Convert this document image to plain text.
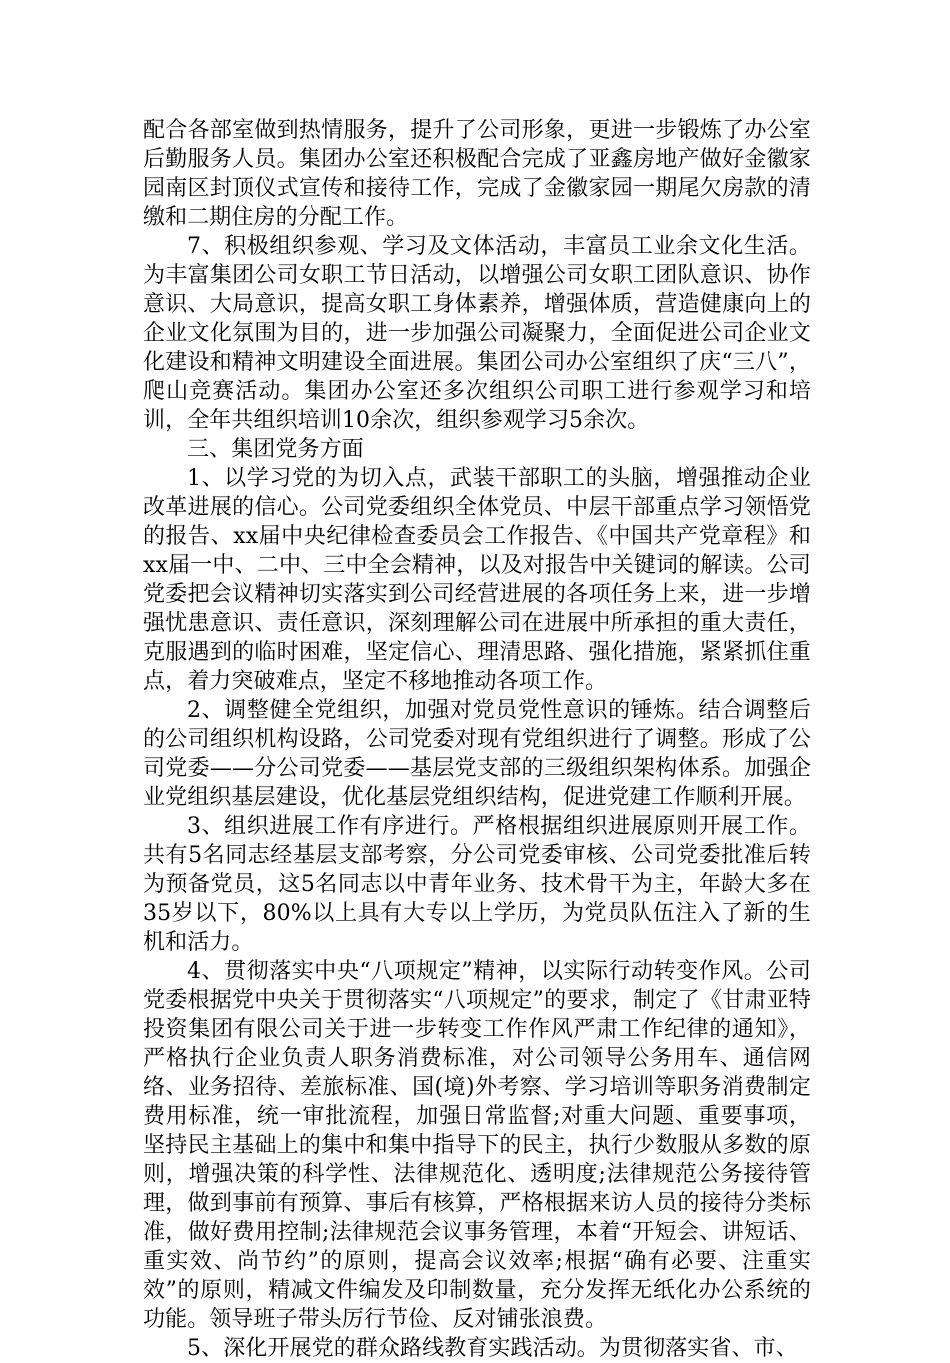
配合各部室做到热情服务，提升了公司形象，更进一步锻炼了办公室后勤服务人员。集团办公室还积极配合完成了亚鑫房地产做好金徽家园南区封顶仪式宣传和接待工作，完成了金徽家园一期尾欠房款的清缴和二期住房的分配工作。

7、积极组织参观、学习及文体活动，丰富员工业余文化生活。为丰富集团公司女职工节日活动，以增强公司女职工团队意识、协作意识、大局意识，提高女职工身体素养，增强体质，营造健康向上的企业文化氛围为目的，进一步加强公司凝聚力，全面促进公司企业文化建设和精神文明建设全面进展。集团公司办公室组织了庆“三八”，爬山竞赛活动。集团办公室还多次组织公司职工进行参观学习和培训，全年共组织培训10余次，组织参观学习5余次。

三、集团党务方面

1、以学习党的为切入点，武装干部职工的头脑，增强推动企业改革进展的信心。公司党委组织全体党员、中层干部重点学习领悟党的报告、xx届中央纪律检查委员会工作报告、《中国共产党章程》和xx届一中、二中、三中全会精神，以及对报告中关键词的解读。公司党委把会议精神切实落实到公司经营进展的各项任务上来，进一步增强忧患意识、责任意识，深刻理解公司在进展中所承担的重大责任，克服遇到的临时困难，坚定信心、理清思路、强化措施，紧紧抓住重点，着力突破难点，坚定不移地推动各项工作。

2、调整健全党组织，加强对党员党性意识的锤炼。结合调整后的公司组织机构设路，公司党委对现有党组织进行了调整。形成了公司党委——分公司党委——基层党支部的三级组织架构体系。加强企业党组织基层建设，优化基层党组织结构，促进党建工作顺利开展。

3、组织进展工作有序进行。严格根据组织进展原则开展工作。共有5名同志经基层支部考察，分公司党委审核、公司党委批准后转为预备党员，这5名同志以中青年业务、技术骨干为主，年龄大多在35岁以下，80%以上具有大专以上学历，为党员队伍注入了新的生机和活力。

4、贯彻落实中央“八项规定”精神，以实际行动转变作风。公司党委根据党中央关于贯彻落实“八项规定”的要求，制定了《甘肃亚特投资集团有限公司关于进一步转变工作作风严肃工作纪律的通知》，严格执行企业负责人职务消费标准，对公司领导公务用车、通信网络、业务招待、差旅标准、国(境)外考察、学习培训等职务消费制定费用标准，统一审批流程，加强日常监督;对重大问题、重要事项，坚持民主基础上的集中和集中指导下的民主，执行少数服从多数的原则，增强决策的科学性、法律规范化、透明度;法律规范公务接待管理，做到事前有预算、事后有核算，严格根据来访人员的接待分类标准，做好费用控制;法律规范会议事务管理，本着“开短会、讲短话、重实效、尚节约”的原则，提高会议效率;根据“确有必要、注重实效”的原则，精减文件编发及印制数量，充分发挥无纸化办公系统的功能。领导班子带头厉行节俭、反对铺张浪费。

5、深化开展党的群众路线教育实践活动。为贯彻落实省、市、
